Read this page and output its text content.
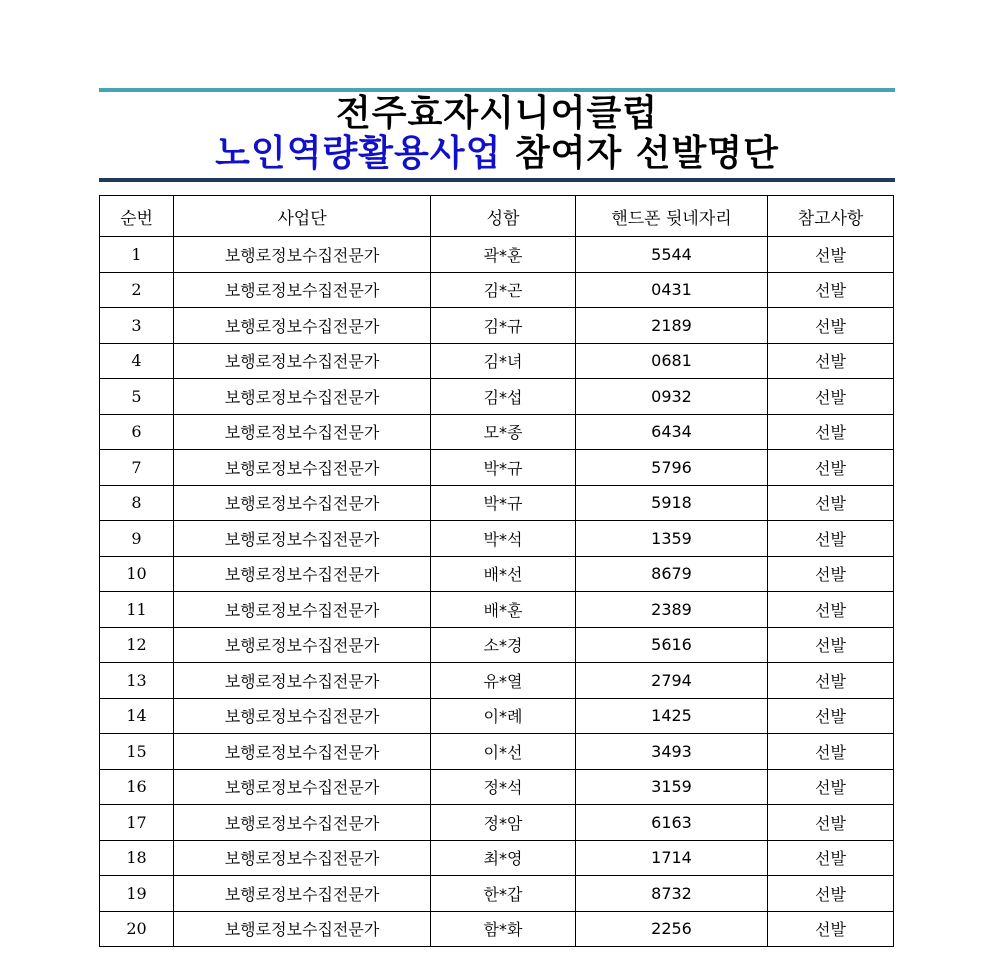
전주효자시니어클럽
노인역량활용사업 참여자 선발명단
순번	사업단	성함	핸드폰 뒷네자리	참고사항
1	보행로정보수집전문가	곽*훈	5544	선발
2	보행로정보수집전문가	김*곤	0431	선발
3	보행로정보수집전문가	김*규	2189	선발
4	보행로정보수집전문가	김*녀	0681	선발
5	보행로정보수집전문가	김*섭	0932	선발
6	보행로정보수집전문가	모*종	6434	선발
7	보행로정보수집전문가	박*규	5796	선발
8	보행로정보수집전문가	박*규	5918	선발
9	보행로정보수집전문가	박*석	1359	선발
10	보행로정보수집전문가	배*선	8679	선발
11	보행로정보수집전문가	배*훈	2389	선발
12	보행로정보수집전문가	소*경	5616	선발
13	보행로정보수집전문가	유*열	2794	선발
14	보행로정보수집전문가	이*례	1425	선발
15	보행로정보수집전문가	이*선	3493	선발
16	보행로정보수집전문가	정*석	3159	선발
17	보행로정보수집전문가	정*암	6163	선발
18	보행로정보수집전문가	최*영	1714	선발
19	보행로정보수집전문가	한*갑	8732	선발
20	보행로정보수집전문가	함*화	2256	선발
